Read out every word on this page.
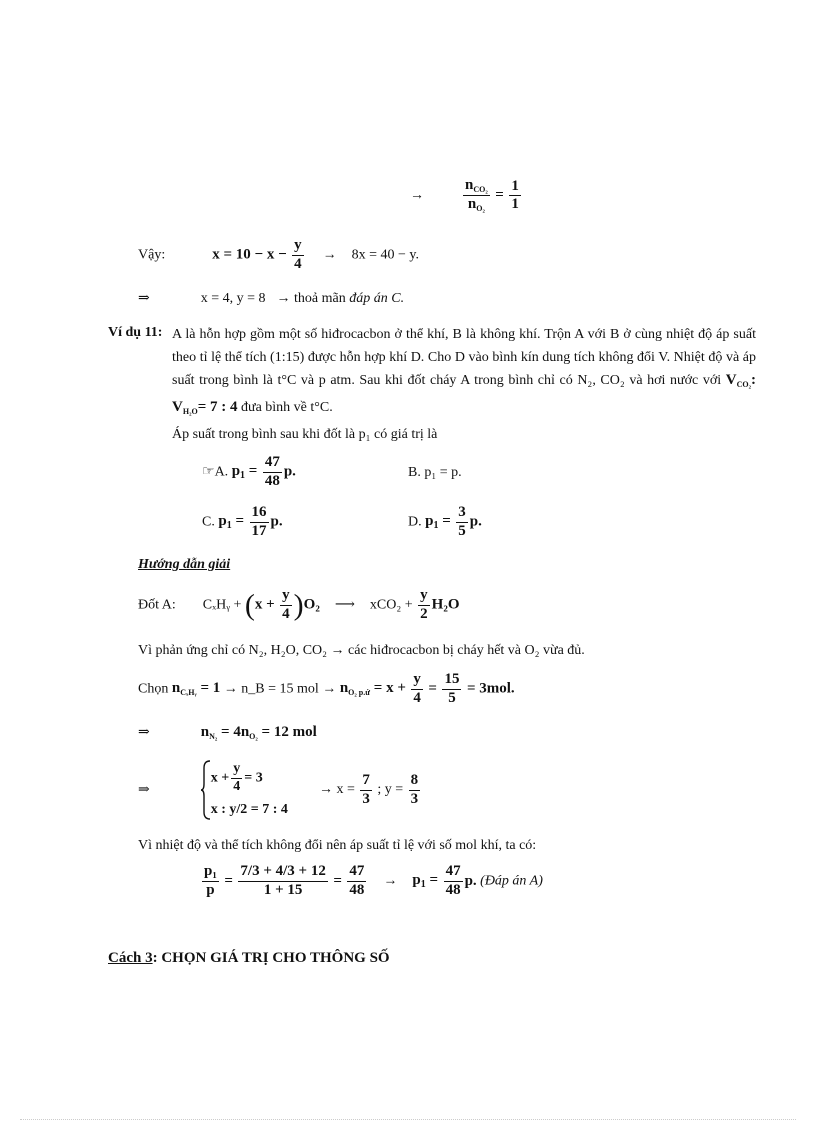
→	$\frac{n_{CO_2}}{n_{O_2}} = \frac{1}{1}$
Vậy:	$x = 10 - x - \frac{y}{4} \to 8x = 40 - y$.
⇒	x = 4, y = 8 → thoả mãn đáp án C.
Ví dụ 11: A là hỗn hợp gồm một số hiđrocacbon ở thể khí, B là không khí. Trộn A với B ở cùng nhiệt độ áp suất theo tỉ lệ thể tích (1:15) được hỗn hợp khí D. Cho D vào bình kín dung tích không đổi V. Nhiệt độ và áp suất trong bình là t°C và p atm. Sau khi đốt cháy A trong bình chỉ có N₂, CO₂ và hơi nước với $V_{CO_2}$: $V_{H_2O}= 7$ : 4 đưa bình về t°C.
Áp suất trong bình sau khi đốt là p₁ có giá trị là
☞A. $p_1 = \frac{47}{48} p$.	B. p₁ = p.
C. $p_1 = \frac{16}{17} p$.	D. $p_1 = \frac{3}{5} p$.
Hướng dẫn giải
Đốt A: CₓHᵧ + $(x + \frac{y}{4} )O_2$ ⟶ $xCO_2 + \frac{y}{2} H_2O$
Vì phản ứng chỉ có N₂, H₂O, CO₂ → các hiđrocacbon bị cháy hết và O₂ vừa đủ.
Chọn $n_{C_xHᵧ} = 1$ → n_B = 15 mol → $n_{O_2 p.ứ} = x + \frac{y}{4} = \frac{15}{5} = 3mol$.
⇒	$n_{N_2} = 4n_{O_2} = 12$ mol
⇒
$x + \frac{y}{4} = 3$
x : y/2 = 7 : 4
→ $x = \frac{7}{3}$ ; $y = \frac{8}{3}$
Vì nhiệt độ và thể tích không đổi nên áp suất tỉ lệ với số mol khí, ta có:
$\frac{\text{p₁}}{p} = \frac{7/3 + 4/3 + 12}{1 + 15} = \frac{47}{48} \to p_1 = \frac{47}{48} p$. (Đáp án A)
Cách 3: CHỌN GIÁ TRỊ CHO THÔNG SỐ
